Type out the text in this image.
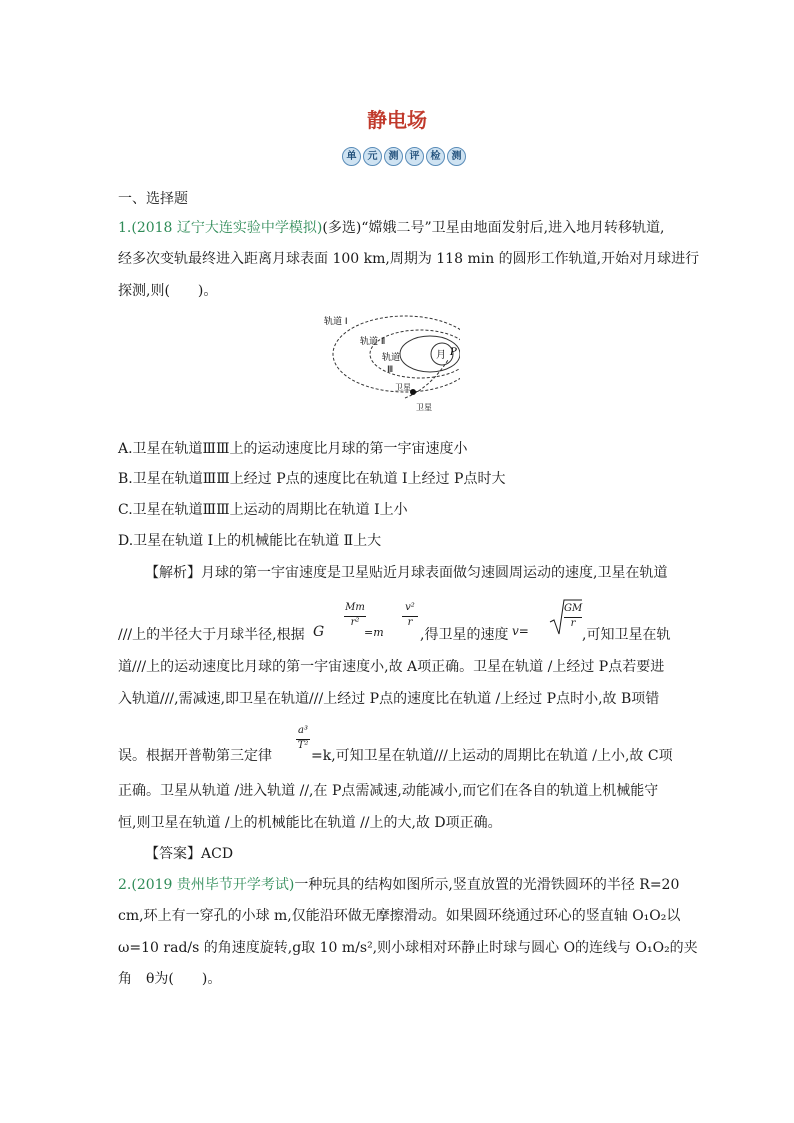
静电场
单	元	测	评	检	测
一、选择题
1.(2018 辽宁大连实验中学模拟)(多选)“嫦娥二号”卫星由地面发射后,进入地月转移轨道,
经多次变轨最终进入距离月球表面 100 km,周期为 118 min 的圆形工作轨道,开始对月球进行
探测,则(　　)。
轨道 Ⅰ
轨道 Ⅱ
轨道
Ⅲ
月 P
卫星
卫星
A.卫星在轨道ⅢⅢ上的运动速度比月球的第一宇宙速度小
B.卫星在轨道ⅢⅢ上经过 P点的速度比在轨道 Ⅰ上经过 P点时大
C.卫星在轨道ⅢⅢ上运动的周期比在轨道 Ⅰ上小
D.卫星在轨道 Ⅰ上的机械能比在轨道 Ⅱ上大
【解析】月球的第一宇宙速度是卫星贴近月球表面做匀速圆周运动的速度,卫星在轨道
///上的半径大于月球半径,根据 G
Mm
r²
=m
v²
r
,得卫星的速度 v=
GM
r
,可知卫星在轨
道///上的运动速度比月球的第一宇宙速度小,故 A项正确。卫星在轨道 /上经过 P点若要进
入轨道///,需减速,即卫星在轨道///上经过 P点的速度比在轨道 /上经过 P点时小,故 B项错
误。根据开普勒第三定律
a³
T²
=k,可知卫星在轨道///上运动的周期比在轨道 /上小,故 C项
正确。卫星从轨道 /进入轨道 //,在 P点需减速,动能减小,而它们在各自的轨道上机械能守
恒,则卫星在轨道 /上的机械能比在轨道 //上的大,故 D项正确。
【答案】ACD
2.(2019 贵州毕节开学考试)一种玩具的结构如图所示,竖直放置的光滑铁圆环的半径 R=20
cm,环上有一穿孔的小球 m,仅能沿环做无摩擦滑动。如果圆环绕通过环心的竖直轴 O₁O₂以
ω=10 rad/s 的角速度旋转,g取 10 m/s²,则小球相对环静止时球与圆心 O的连线与 O₁O₂的夹
角　θ为(　　)。
